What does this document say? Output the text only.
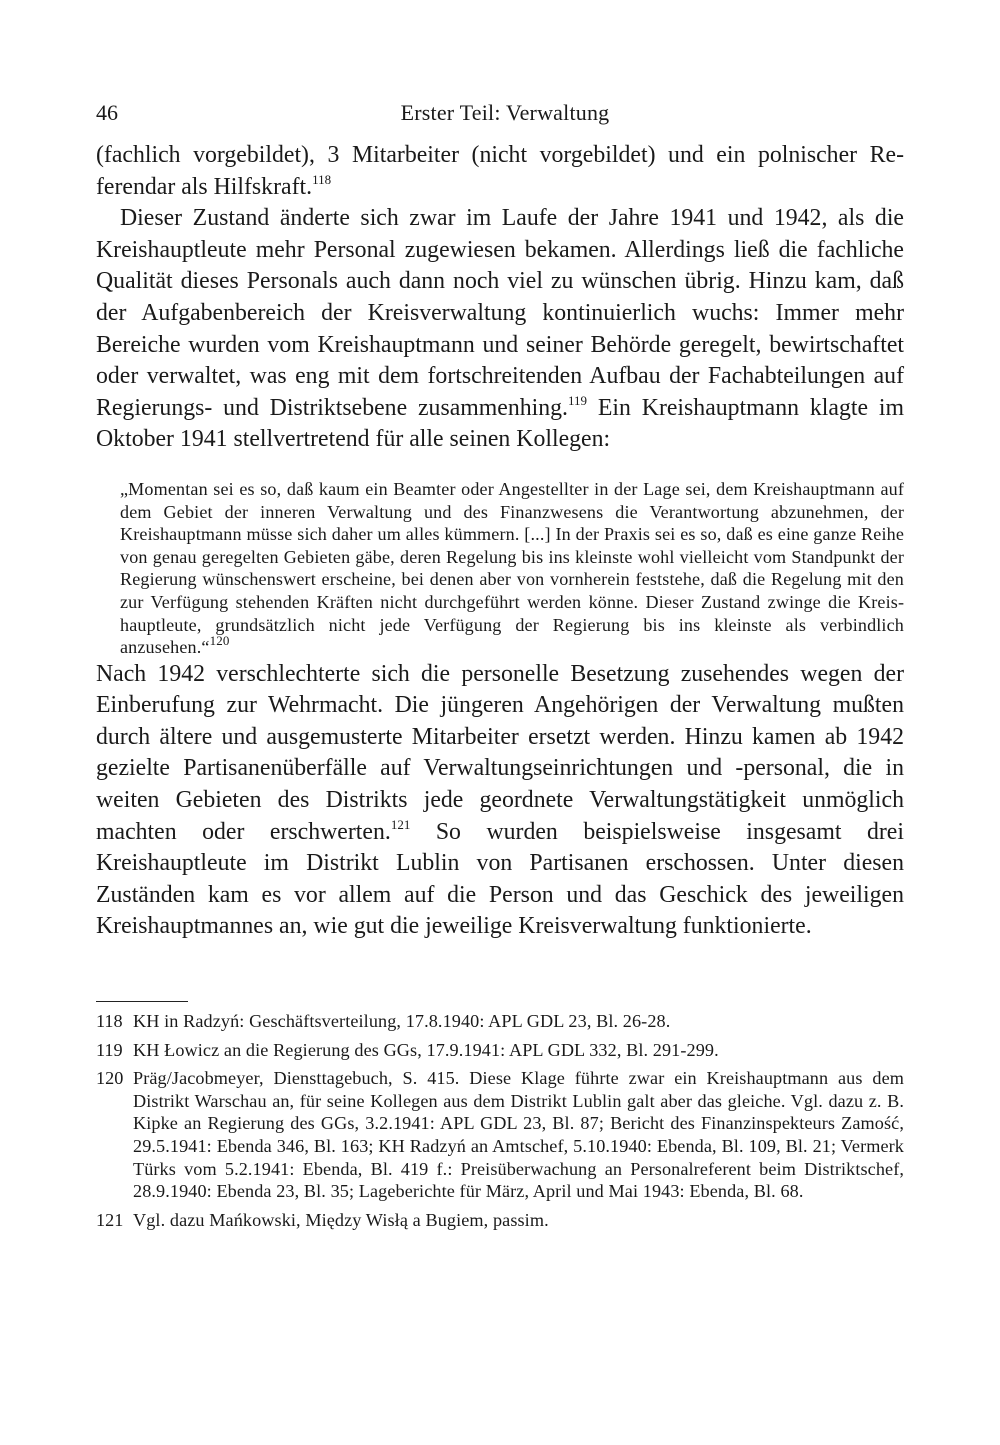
46	Erster Teil: Verwaltung

(fachlich vorgebildet), 3 Mitarbeiter (nicht vorgebildet) und ein polnischer Referendar als Hilfskraft.$^{118}$

Dieser Zustand änderte sich zwar im Laufe der Jahre 1941 und 1942, als die Kreishauptleute mehr Personal zugewiesen bekamen. Allerdings ließ die fachliche Qualität dieses Personals auch dann noch viel zu wünschen übrig. Hinzu kam, daß der Aufgabenbereich der Kreisverwaltung kontinuierlich wuchs: Immer mehr Bereiche wurden vom Kreishauptmann und seiner Behörde geregelt, bewirtschaftet oder verwaltet, was eng mit dem fortschreitenden Aufbau der Fachabteilungen auf Regierungs- und Distriktsebene zusammenhing.$^{119}$ Ein Kreishauptmann klagte im Oktober 1941 stellvertretend für alle seinen Kollegen:

„Momentan sei es so, daß kaum ein Beamter oder Angestellter in der Lage sei, dem Kreishauptmann auf dem Gebiet der inneren Verwaltung und des Finanzwesens die Verantwortung abzunehmen, der Kreishauptmann müsse sich daher um alles kümmern. [...] In der Praxis sei es so, daß es eine ganze Reihe von genau geregelten Gebieten gäbe, deren Regelung bis ins kleinste wohl vielleicht vom Standpunkt der Regierung wünschenswert erscheine, bei denen aber von vornherein feststehe, daß die Regelung mit den zur Verfügung stehenden Kräften nicht durchgeführt werden könne. Dieser Zustand zwinge die Kreishauptleute, grundsätzlich nicht jede Verfügung der Regierung bis ins kleinste als verbindlich anzusehen.“$^{120}$

Nach 1942 verschlechterte sich die personelle Besetzung zusehendes wegen der Einberufung zur Wehrmacht. Die jüngeren Angehörigen der Verwaltung mußten durch ältere und ausgemusterte Mitarbeiter ersetzt werden. Hinzu kamen ab 1942 gezielte Partisanenüberfälle auf Verwaltungseinrichtungen und -personal, die in weiten Gebieten des Distrikts jede geordnete Verwaltungstätigkeit unmöglich machten oder erschwerten.$^{121}$ So wurden beispielsweise insgesamt drei Kreishauptleute im Distrikt Lublin von Partisanen erschossen. Unter diesen Zuständen kam es vor allem auf die Person und das Geschick des jeweiligen Kreishauptmannes an, wie gut die jeweilige Kreisverwaltung funktionierte.

118 KH in Radzyń: Geschäftsverteilung, 17.8.1940: APL GDL 23, Bl. 26-28.
119 KH Łowicz an die Regierung des GGs, 17.9.1941: APL GDL 332, Bl. 291-299.
120 Präg/Jacobmeyer, Diensttagebuch, S. 415. Diese Klage führte zwar ein Kreishauptmann aus dem Distrikt Warschau an, für seine Kollegen aus dem Distrikt Lublin galt aber das gleiche. Vgl. dazu z. B. Kipke an Regierung des GGs, 3.2.1941: APL GDL 23, Bl. 87; Bericht des Finanzinspekteurs Zamość, 29.5.1941: Ebenda 346, Bl. 163; KH Radzyń an Amtschef, 5.10.1940: Ebenda, Bl. 109, Bl. 21; Vermerk Türks vom 5.2.1941: Ebenda, Bl. 419 f.: Preisüberwachung an Personalreferent beim Distriktschef, 28.9.1940: Ebenda 23, Bl. 35; Lageberichte für März, April und Mai 1943: Ebenda, Bl. 68.
121 Vgl. dazu Mańkowski, Między Wisłą a Bugiem, passim.
